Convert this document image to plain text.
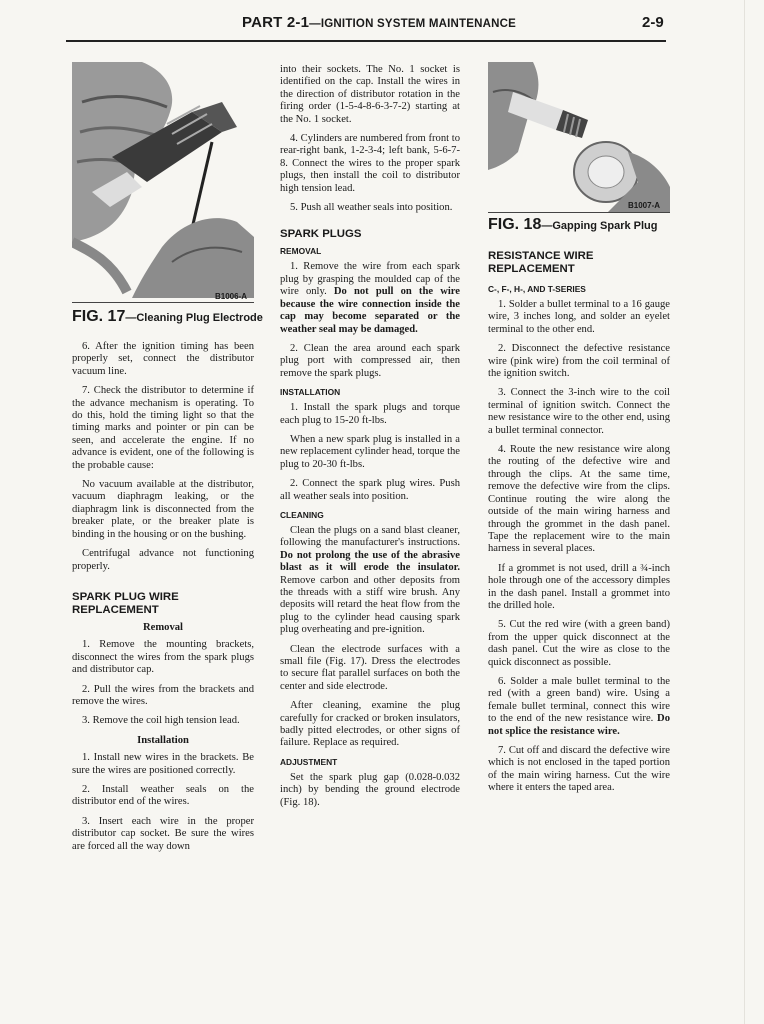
PART 2-1—IGNITION SYSTEM MAINTENANCE	2-9
B1006-A
FIG. 17—Cleaning Plug Electrode

6. After the ignition timing has been properly set, connect the distributor vacuum line.

7. Check the distributor to determine if the advance mechanism is operating. To do this, hold the timing light so that the timing marks and pointer or pin can be seen, and accelerate the engine. If no advance is evident, one of the following is the probable cause:

No vacuum available at the distributor, vacuum diaphragm leaking, or the diaphragm link is disconnected from the breaker plate, or the breaker plate is binding in the housing or on the bushing.

Centrifugal advance not functioning properly.

SPARK PLUG WIRE REPLACEMENT
Removal

1. Remove the mounting brackets, disconnect the wires from the spark plugs and distributor cap.

2. Pull the wires from the brackets and remove the wires.

3. Remove the coil high tension lead.

Installation

1. Install new wires in the brackets. Be sure the wires are positioned correctly.

2. Install weather seals on the distributor end of the wires.

3. Insert each wire in the proper distributor cap socket. Be sure the wires are forced all the way down

into their sockets. The No. 1 socket is identified on the cap. Install the wires in the direction of distributor rotation in the firing order (1-5-4-8-6-3-7-2) starting at the No. 1 socket.

4. Cylinders are numbered from front to rear-right bank, 1-2-3-4; left bank, 5-6-7-8. Connect the wires to the proper spark plugs, then install the coil to distributor high tension lead.

5. Push all weather seals into position.

SPARK PLUGS
REMOVAL

1. Remove the wire from each spark plug by grasping the moulded cap of the wire only. Do not pull on the wire because the wire connection inside the cap may become separated or the weather seal may be damaged.

2. Clean the area around each spark plug port with compressed air, then remove the spark plugs.

INSTALLATION

1. Install the spark plugs and torque each plug to 15-20 ft-lbs.

When a new spark plug is installed in a new replacement cylinder head, torque the plug to 20-30 ft-lbs.

2. Connect the spark plug wires. Push all weather seals into position.

CLEANING

Clean the plugs on a sand blast cleaner, following the manufacturer's instructions. Do not prolong the use of the abrasive blast as it will erode the insulator. Remove carbon and other deposits from the threads with a stiff wire brush. Any deposits will retard the heat flow from the plug to the cylinder head causing spark plug overheating and pre-ignition.

Clean the electrode surfaces with a small file (Fig. 17). Dress the electrodes to secure flat parallel surfaces on both the center and side electrode.

After cleaning, examine the plug carefully for cracked or broken insulators, badly pitted electrodes, or other signs of failure. Replace as required.

ADJUSTMENT

Set the spark plug gap (0.028-0.032 inch) by bending the ground electrode (Fig. 18).

B1007-A
FIG. 18—Gapping Spark Plug
RESISTANCE WIRE REPLACEMENT
C-, F-, H-, AND T-SERIES

1. Solder a bullet terminal to a 16 gauge wire, 3 inches long, and solder an eyelet terminal to the other end.

2. Disconnect the defective resistance wire (pink wire) from the coil terminal of the ignition switch.

3. Connect the 3-inch wire to the coil terminal of ignition switch. Connect the new resistance wire to the other end, using a bullet terminal connector.

4. Route the new resistance wire along the routing of the defective wire and through the clips. At the same time, remove the defective wire from the clips. Continue routing the wire along the outside of the main wiring harness and through the grommet in the dash panel. Tape the replacement wire to the main harness in several places.

If a grommet is not used, drill a ¾-inch hole through one of the accessory dimples in the dash panel. Install a grommet into the drilled hole.

5. Cut the red wire (with a green band) from the upper quick disconnect at the dash panel. Cut the wire as close to the quick disconnect as possible.

6. Solder a male bullet terminal to the red (with a green band) wire. Using a female bullet terminal, connect this wire to the end of the new resistance wire. Do not splice the resistance wire.

7. Cut off and discard the defective wire which is not enclosed in the taped portion of the main wiring harness. Cut the wire where it enters the taped area.
